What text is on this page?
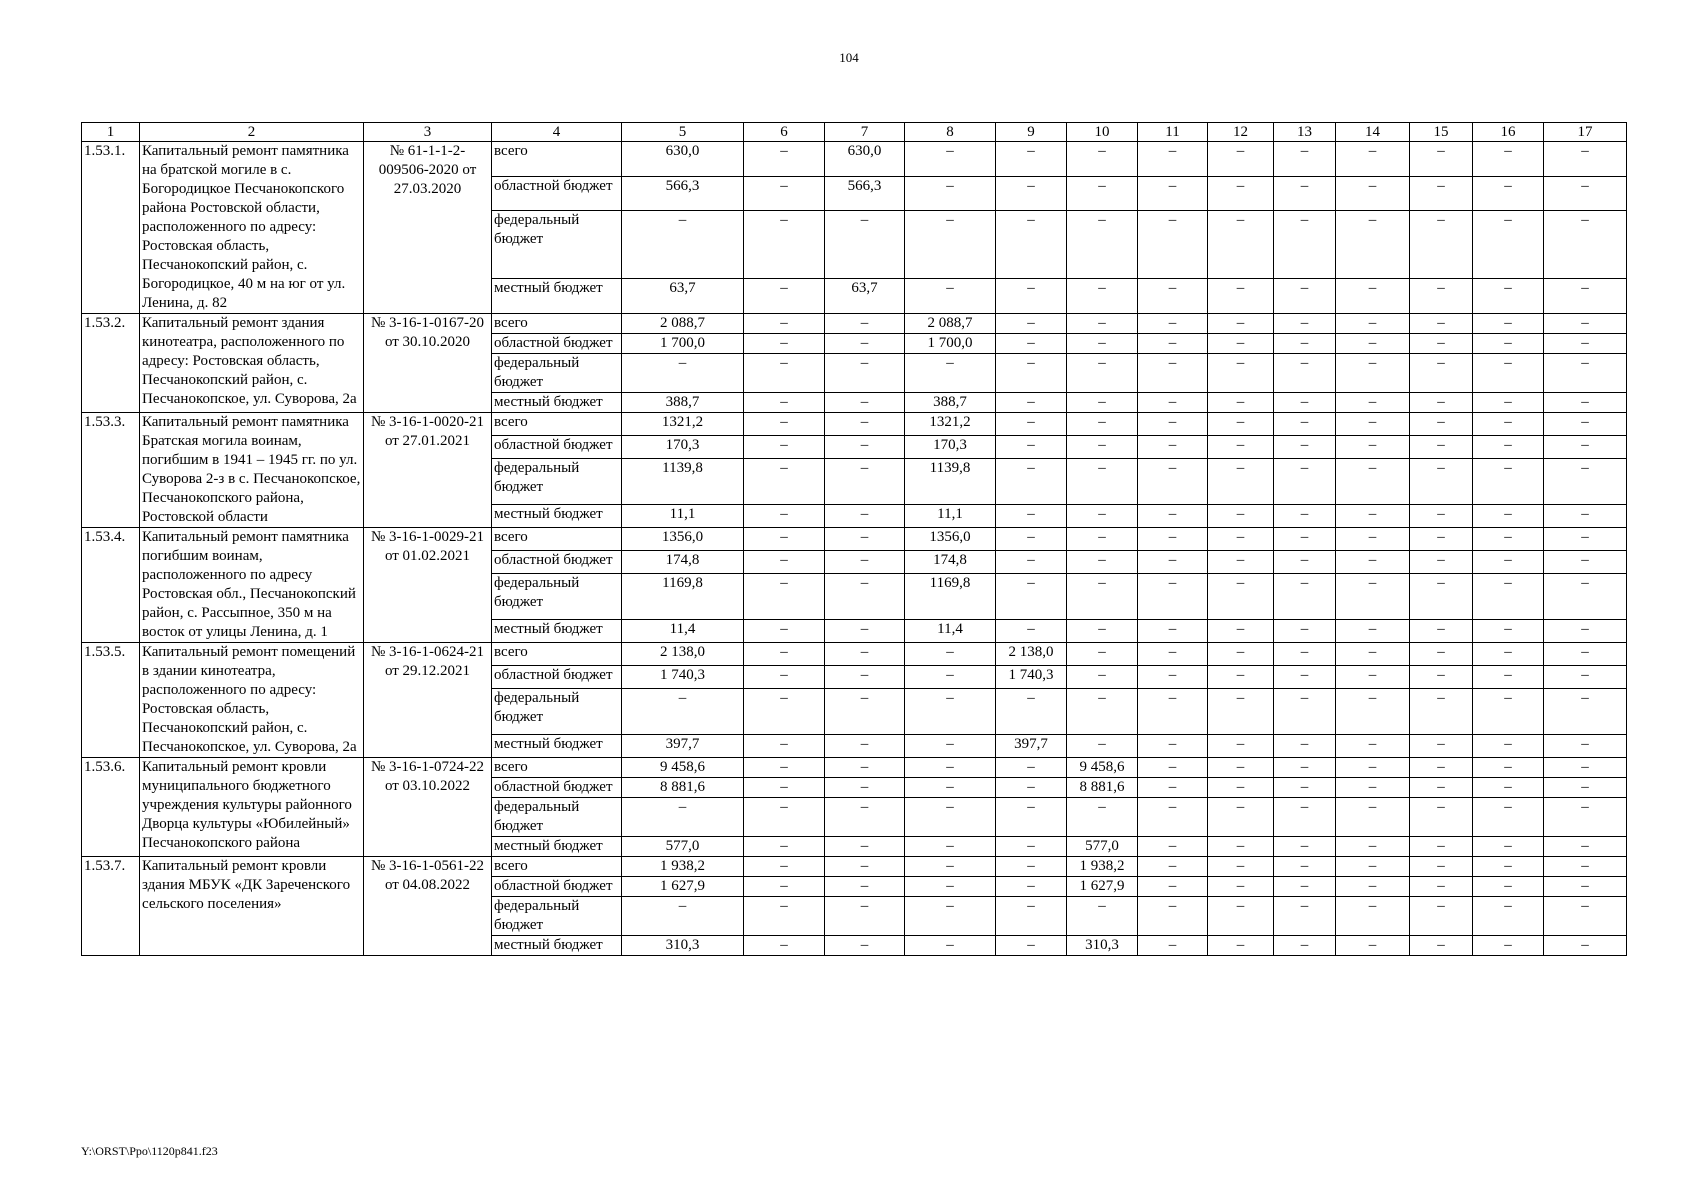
104
1	2	3	4	5	6	7	8	9	10	11	12	13	14	15	16	17
1.53.1.	Капитальный ремонт памятника на братской могиле в с. Богородицкое Песчанокопского района Ростовской области, расположенного по адресу: Ростовская область, Песчанокопский район, с. Богородицкое, 40 м на юг от ул. Ленина, д. 82	№ 61-1-1-2-009506-2020 от 27.03.2020	всего	630,0	–	630,0	–	–	–	–	–	–	–	–	–	–
			областной бюджет	566,3	–	566,3	–	–	–	–	–	–	–	–	–	–
			федеральный бюджет	–	–	–	–	–	–	–	–	–	–	–	–	–
			местный бюджет	63,7	–	63,7	–	–	–	–	–	–	–	–	–	–
1.53.2.	Капитальный ремонт здания кинотеатра, расположенного по адресу: Ростовская область, Песчанокопский район, с. Песчанокопское, ул. Суворова, 2а	№ 3-16-1-0167-20 от 30.10.2020	всего	2 088,7	–	–	2 088,7	–	–	–	–	–	–	–	–	–
			областной бюджет	1 700,0	–	–	1 700,0	–	–	–	–	–	–	–	–	–
			федеральный бюджет	–	–	–	–	–	–	–	–	–	–	–	–	–
			местный бюджет	388,7	–	–	388,7	–	–	–	–	–	–	–	–	–
1.53.3.	Капитальный ремонт памятника Братская могила воинам, погибшим в 1941 – 1945 гг. по ул. Суворова 2-з в с. Песчанокопское, Песчанокопского района, Ростовской области	№ 3-16-1-0020-21 от 27.01.2021	всего	1321,2	–	–	1321,2	–	–	–	–	–	–	–	–	–
			областной бюджет	170,3	–	–	170,3	–	–	–	–	–	–	–	–	–
			федеральный бюджет	1139,8	–	–	1139,8	–	–	–	–	–	–	–	–	–
			местный бюджет	11,1	–	–	11,1	–	–	–	–	–	–	–	–	–
1.53.4.	Капитальный ремонт памятника погибшим воинам, расположенного по адресу Ростовская обл., Песчанокопский район, с. Рассыпное, 350 м на восток от улицы Ленина, д. 1	№ 3-16-1-0029-21 от 01.02.2021	всего	1356,0	–	–	1356,0	–	–	–	–	–	–	–	–	–
			областной бюджет	174,8	–	–	174,8	–	–	–	–	–	–	–	–	–
			федеральный бюджет	1169,8	–	–	1169,8	–	–	–	–	–	–	–	–	–
			местный бюджет	11,4	–	–	11,4	–	–	–	–	–	–	–	–	–
1.53.5.	Капитальный ремонт помещений в здании кинотеатра, расположенного по адресу: Ростовская область, Песчанокопский район, с. Песчанокопское, ул. Суворова, 2а	№ 3-16-1-0624-21 от 29.12.2021	всего	2 138,0	–	–	–	2 138,0	–	–	–	–	–	–	–	–
			областной бюджет	1 740,3	–	–	–	1 740,3	–	–	–	–	–	–	–	–
			федеральный бюджет	–	–	–	–	–	–	–	–	–	–	–	–	–
			местный бюджет	397,7	–	–	–	397,7	–	–	–	–	–	–	–	–
1.53.6.	Капитальный ремонт кровли муниципального бюджетного учреждения культуры районного Дворца культуры «Юбилейный» Песчанокопского района	№ 3-16-1-0724-22 от 03.10.2022	всего	9 458,6	–	–	–	–	9 458,6	–	–	–	–	–	–	–
			областной бюджет	8 881,6	–	–	–	–	8 881,6	–	–	–	–	–	–	–
			федеральный бюджет	–	–	–	–	–	–	–	–	–	–	–	–	–
			местный бюджет	577,0	–	–	–	–	577,0	–	–	–	–	–	–	–
1.53.7.	Капитальный ремонт кровли здания МБУК «ДК Зареченского сельского поселения»	№ 3-16-1-0561-22 от 04.08.2022	всего	1 938,2	–	–	–	–	1 938,2	–	–	–	–	–	–	–
			областной бюджет	1 627,9	–	–	–	–	1 627,9	–	–	–	–	–	–	–
			федеральный бюджет	–	–	–	–	–	–	–	–	–	–	–	–	–
			местный бюджет	310,3	–	–	–	–	310,3	–	–	–	–	–	–	–
Y:\ORST\Ppo\1120p841.f23
